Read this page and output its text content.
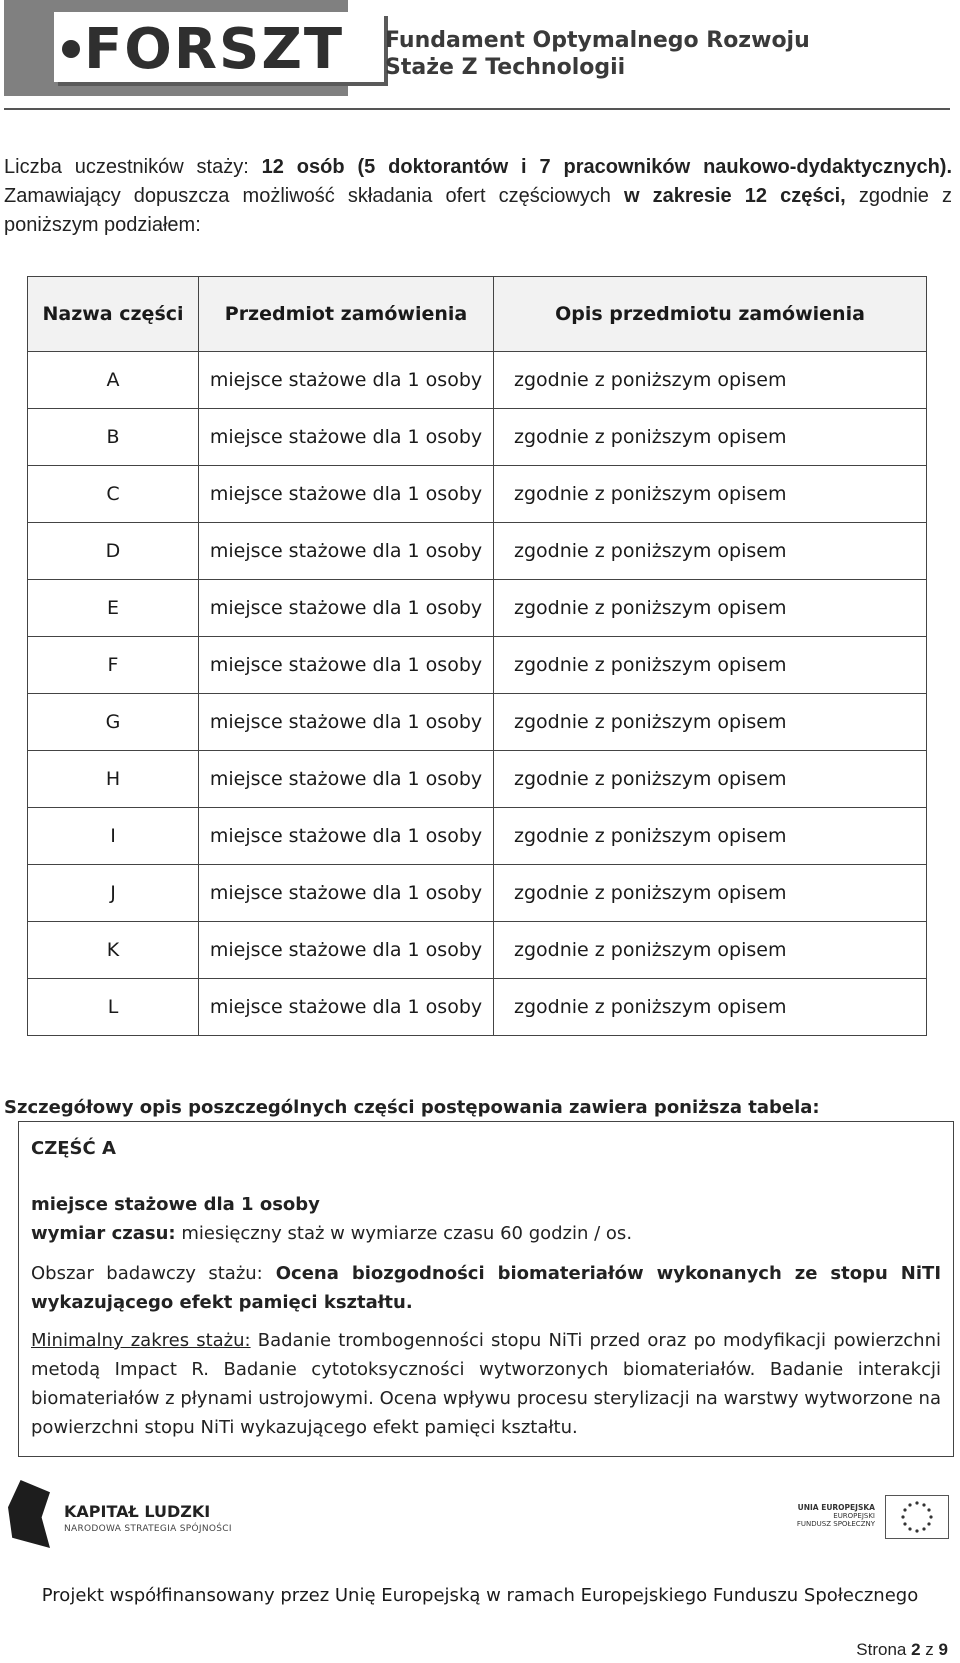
FORSZT Fundament Optymalnego Rozwoju
Staże Z Technologii
Liczba uczestników staży: 12 osób (5 doktorantów i 7 pracowników naukowo-dydaktycznych). Zamawiający dopuszcza możliwość składania ofert częściowych w zakresie 12 części, zgodnie z poniższym podziałem:
Nazwa części	Przedmiot zamówienia	Opis przedmiotu zamówienia
A	miejsce stażowe dla 1 osoby	zgodnie z poniższym opisem
B	miejsce stażowe dla 1 osoby	zgodnie z poniższym opisem
C	miejsce stażowe dla 1 osoby	zgodnie z poniższym opisem
D	miejsce stażowe dla 1 osoby	zgodnie z poniższym opisem
E	miejsce stażowe dla 1 osoby	zgodnie z poniższym opisem
F	miejsce stażowe dla 1 osoby	zgodnie z poniższym opisem
G	miejsce stażowe dla 1 osoby	zgodnie z poniższym opisem
H	miejsce stażowe dla 1 osoby	zgodnie z poniższym opisem
I	miejsce stażowe dla 1 osoby	zgodnie z poniższym opisem
J	miejsce stażowe dla 1 osoby	zgodnie z poniższym opisem
K	miejsce stażowe dla 1 osoby	zgodnie z poniższym opisem
L	miejsce stażowe dla 1 osoby	zgodnie z poniższym opisem
Szczegółowy opis poszczególnych części postępowania zawiera poniższa tabela:
CZĘŚĆ A
miejsce stażowe dla 1 osoby
wymiar czasu: miesięczny staż w wymiarze czasu 60 godzin / os.
Obszar badawczy stażu: Ocena biozgodności biomateriałów wykonanych ze stopu NiTI wykazującego efekt pamięci kształtu.
Minimalny zakres stażu: Badanie trombogenności stopu NiTi przed oraz po modyfikacji powierzchni metodą Impact R. Badanie cytotoksyczności wytworzonych biomateriałów. Badanie interakcji biomateriałów z płynami ustrojowymi. Ocena wpływu procesu sterylizacji na warstwy wytworzone na powierzchni stopu NiTi wykazującego efekt pamięci kształtu.
KAPITAŁ LUDZKI
NARODOWA STRATEGIA SPÓJNOŚCI
UNIA EUROPEJSKA
EUROPEJSKI
FUNDUSZ SPOŁECZNY
Projekt współfinansowany przez Unię Europejską w ramach Europejskiego Funduszu Społecznego
Strona 2 z 9
